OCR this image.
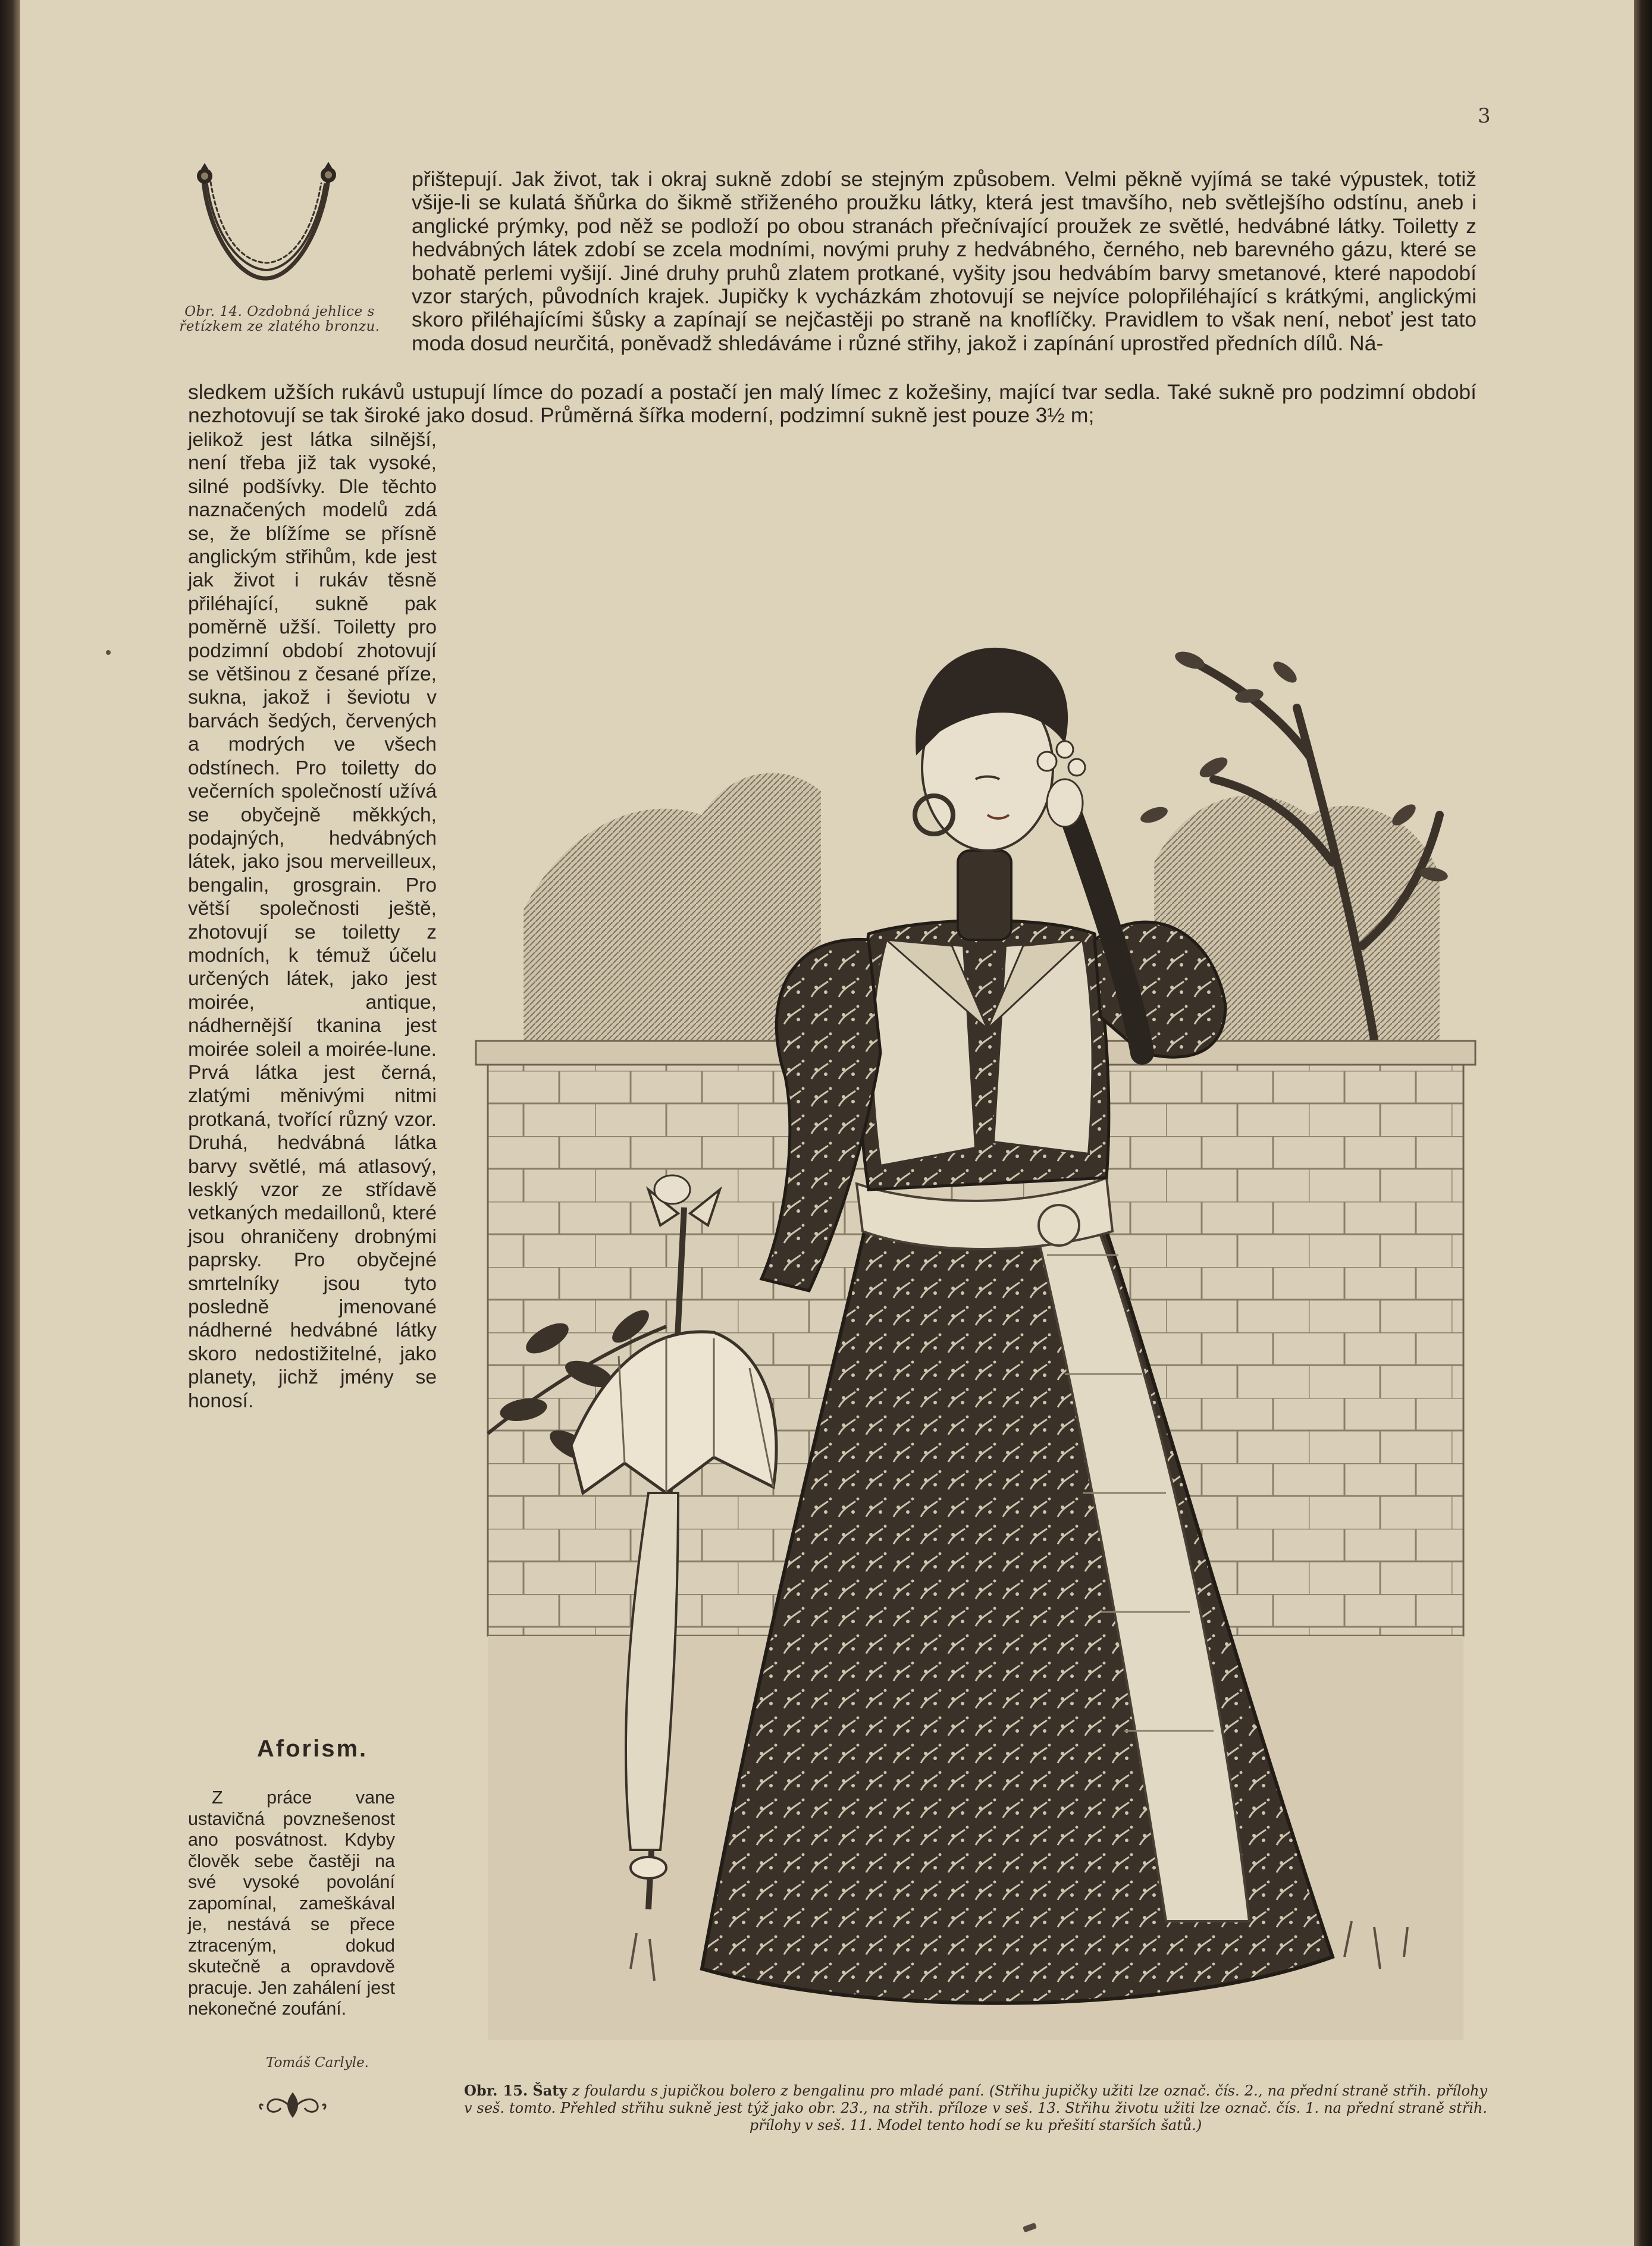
3
Obr. 14. Ozdobná jehlice s řetízkem ze zlatého bronzu.

přištepují. Jak život, tak i okraj sukně zdobí se stejným způsobem. Velmi pěkně vyjímá se také výpustek, totiž všije-li se kulatá šňůrka do šikmě střiženého proužku látky, která jest tmavšího, neb světlejšího odstínu, aneb i anglické prýmky, pod něž se podloží po obou stranách přečnívající proužek ze světlé, hedvábné látky. Toiletty z hedvábných látek zdobí se zcela modními, novými pruhy z hedvábného, černého, neb barevného gázu, které se bohatě perlemi vyšijí. Jiné druhy pruhů zlatem protkané, vyšity jsou hedvábím barvy smetanové, které napodobí vzor starých, původních krajek. Jupičky k vycházkám zhotovují se nejvíce polopřiléhající s krátkými, anglickými skoro přiléhajícími šůsky a zapínají se nejčastěji po straně na knoflíčky. Pravidlem to však není, neboť jest tato moda dosud neurčitá, poněvadž shledáváme i různé střihy, jakož i zapínání uprostřed předních dílů. Ná-

sledkem užších rukávů ustupují límce do pozadí a postačí jen malý límec z kožešiny, mající tvar sedla. Také sukně pro podzimní období nezhotovují se tak široké jako dosud. Průměrná šířka moderní, podzimní sukně jest pouze 3½ m;

jelikož jest látka silnější, není třeba již tak vysoké, silné podšívky. Dle těchto naznačených modelů zdá se, že blížíme se přísně anglickým střihům, kde jest jak život i rukáv těsně přiléhající, sukně pak poměrně užší. Toiletty pro podzimní období zhotovují se většinou z česané příze, sukna, jakož i ševiotu v barvách šedých, červených a modrých ve všech odstínech. Pro toiletty do večerních společností užívá se obyčejně měkkých, podajných, hedvábných látek, jako jsou merveilleux, bengalin, grosgrain. Pro větší společnosti ještě, zhotovují se toiletty z modních, k témuž účelu určených látek, jako jest moirée, antique, nádhernější tkanina jest moirée soleil a moirée-lune. Prvá látka jest černá, zlatými měnivými nitmi protkaná, tvořící různý vzor. Druhá, hedvábná látka barvy světlé, má atlasový, lesklý vzor ze střídavě vetkaných medaillonů, které jsou ohraničeny drobnými paprsky. Pro obyčejné smrtelníky jsou tyto posledně jmenované nádherné hedvábné látky skoro nedostižitelné, jako planety, jichž jmény se honosí.

Aforism.

Z práce vane ustavičná povznešenost ano posvátnost. Kdyby člověk sebe častěji na své vysoké povolání zapomínal, zameškával je, nestává se přece ztraceným, dokud skutečně a opravdově pracuje. Jen zahálení jest nekonečné zoufání.

Tomáš Carlyle.

Obr. 15. Šaty z foulardu s jupičkou bolero z bengalinu pro mladé paní. (Střihu jupičky užiti lze označ. čís. 2., na přední straně střih. přílohy v seš. tomto. Přehled střihu sukně jest týž jako obr. 23., na střih. příloze v seš. 13. Střihu životu užiti lze označ. čís. 1. na přední straně střih. přílohy v seš. 11. Model tento hodí se ku přešití starších šatů.)
